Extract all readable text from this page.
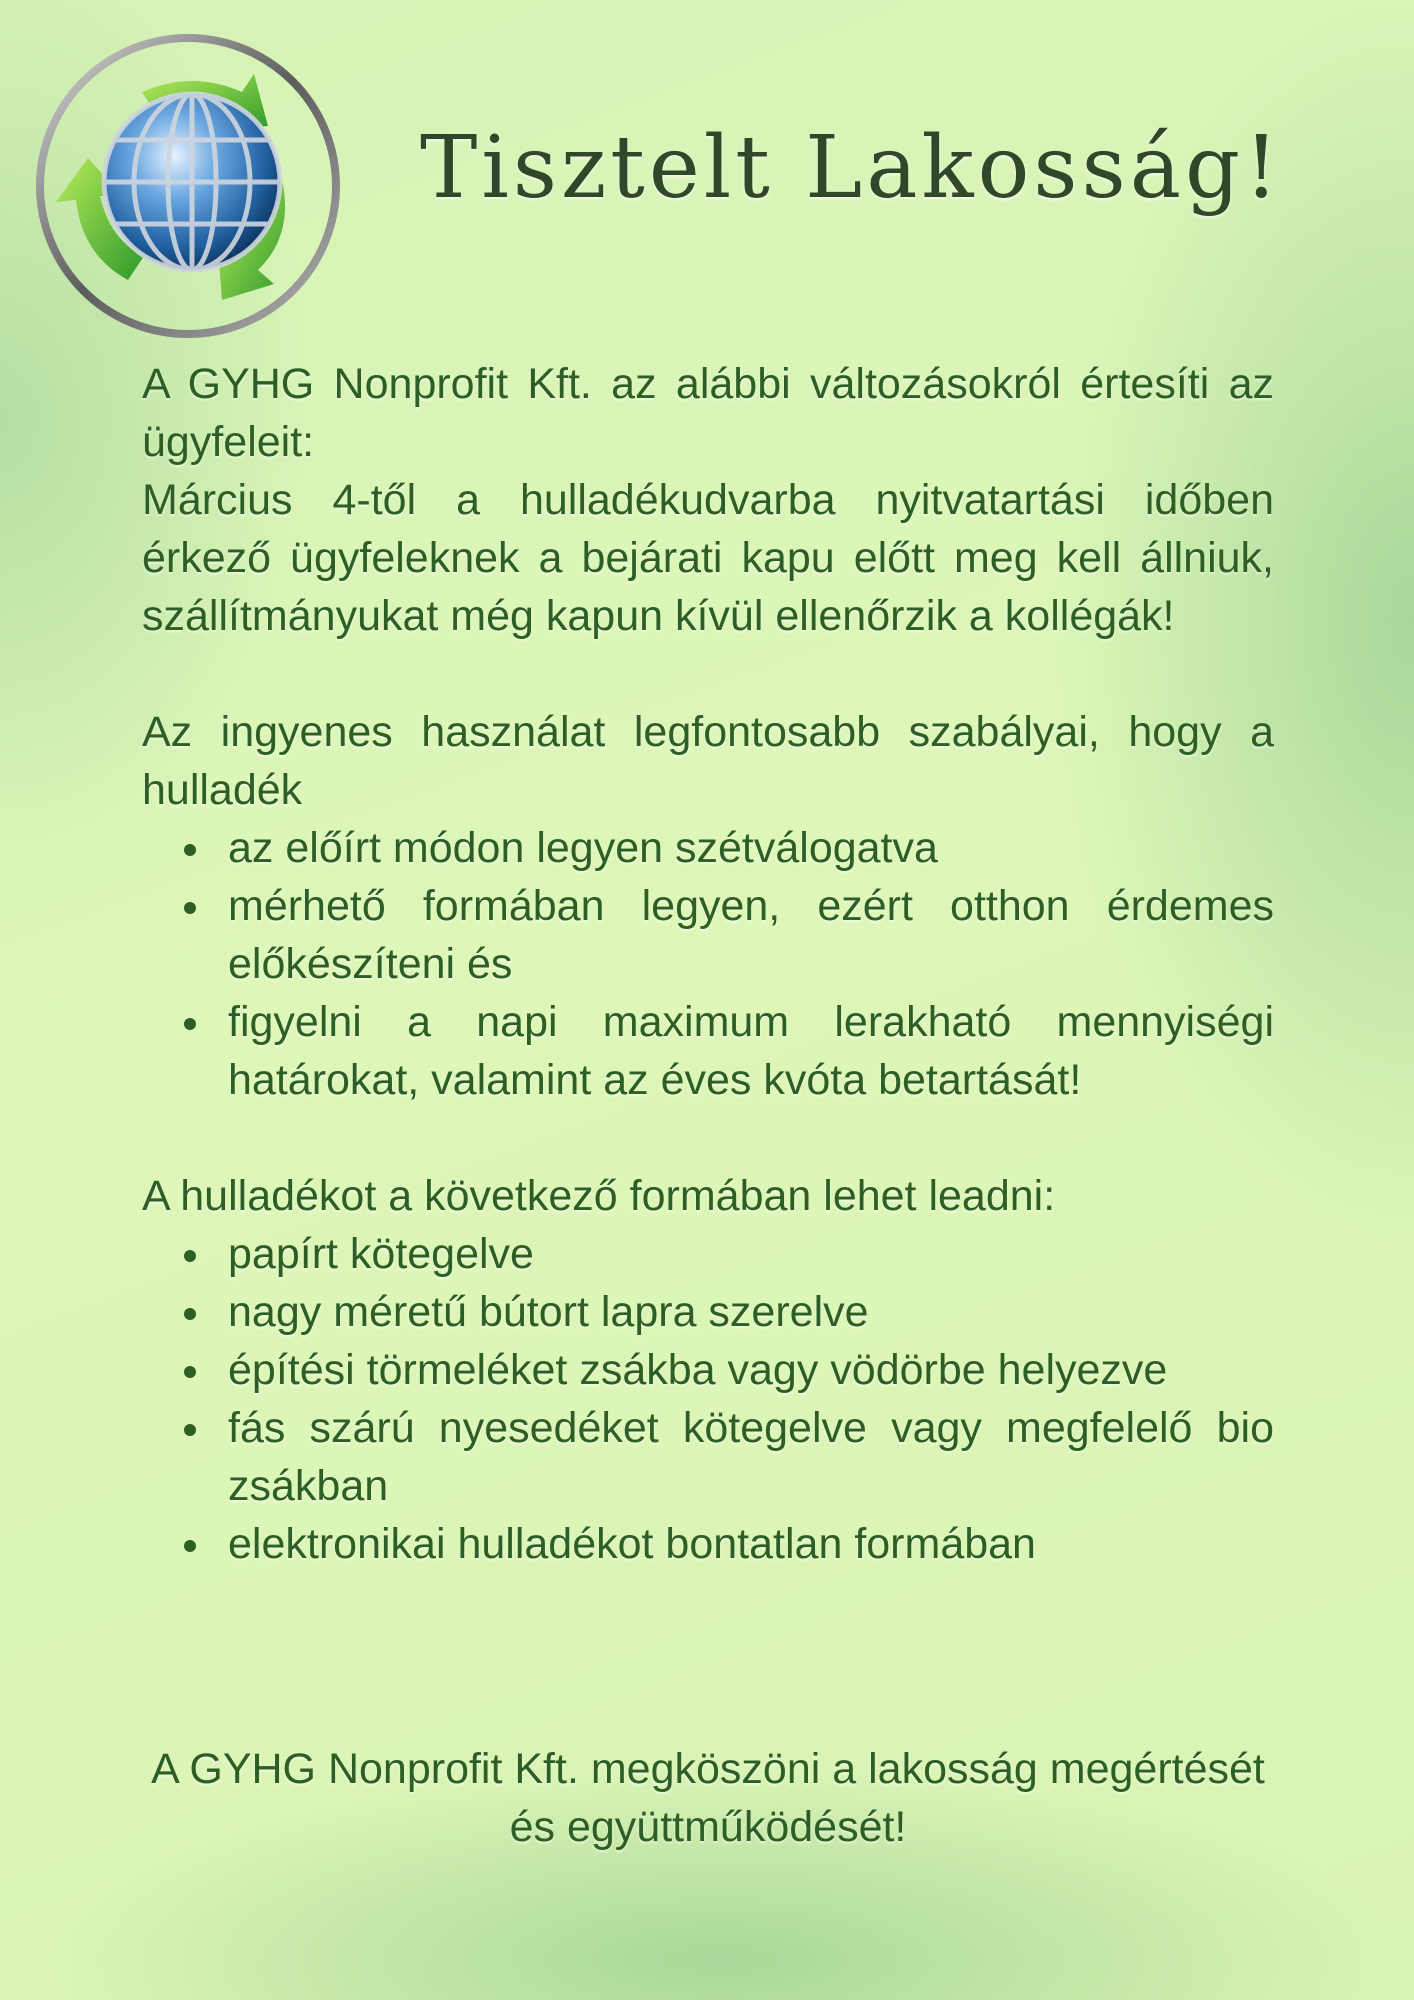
Tisztelt Lakosság!

A GYHG Nonprofit Kft. az alábbi változásokról értesíti az ügyfeleit:

Március 4-től a hulladékudvarba nyitvatartási időben érkező ügyfeleknek a bejárati kapu előtt meg kell állniuk, szállítmányukat még kapun kívül ellenőrzik a kollégák!

Az ingyenes használat legfontosabb szabályai, hogy a hulladék

az előírt módon legyen szétválogatva
mérhető formában legyen, ezért otthon érdemes előkészíteni és
figyelni a napi maximum lerakható mennyiségi határokat, valamint az éves kvóta betartását!

A hulladékot a következő formában lehet leadni:

papírt kötegelve
nagy méretű bútort lapra szerelve
építési törmeléket zsákba vagy vödörbe helyezve
fás szárú nyesedéket kötegelve vagy megfelelő bio zsákban
elektronikai hulladékot bontatlan formában
A GYHG Nonprofit Kft. megköszöni a lakosság megértését és együttműködését!
